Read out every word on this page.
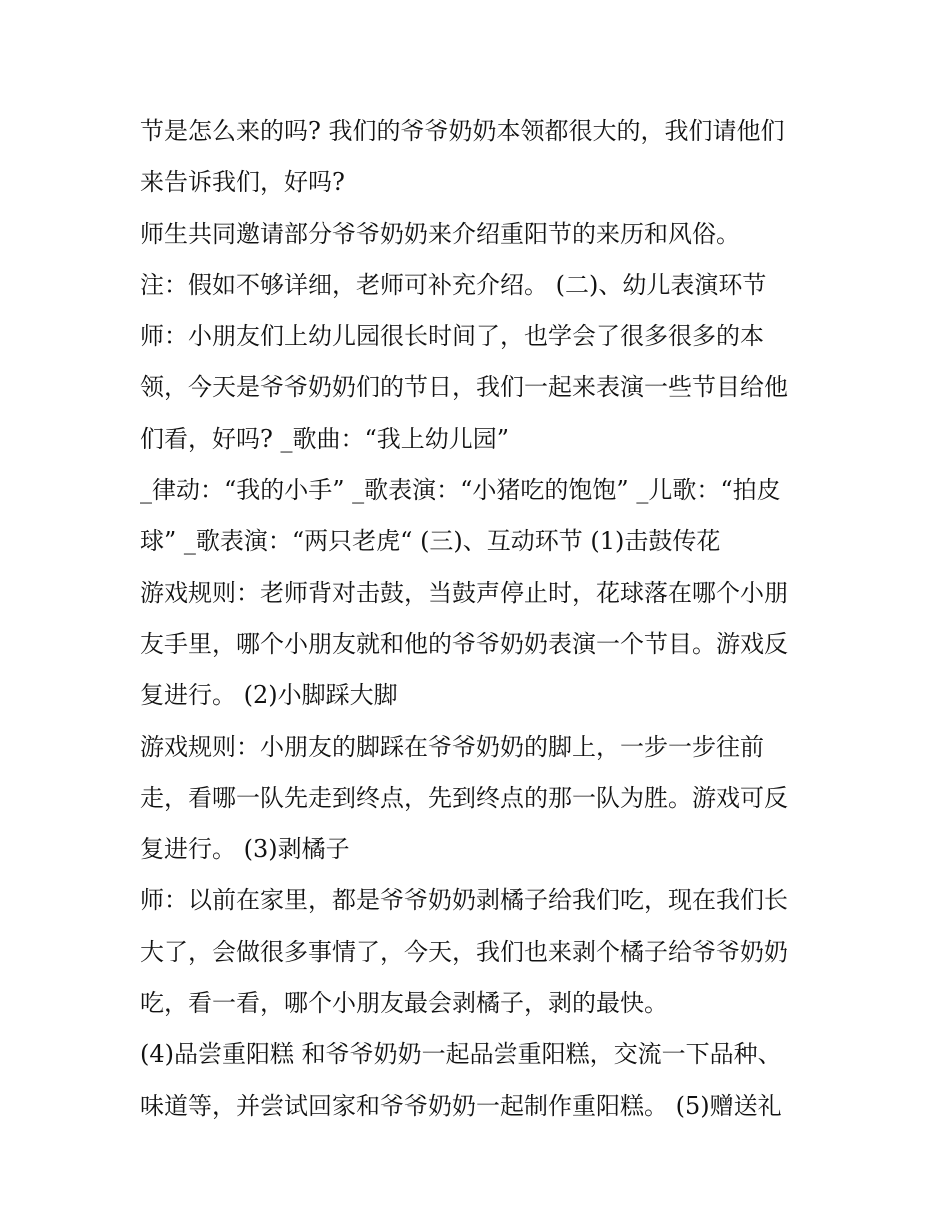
节是怎么来的吗? 我们的爷爷奶奶本领都很大的，我们请他们

来告诉我们，好吗?

师生共同邀请部分爷爷奶奶来介绍重阳节的来历和风俗。

注：假如不够详细，老师可补充介绍。 (二)、幼儿表演环节

师：小朋友们上幼儿园很长时间了，也学会了很多很多的本

领，今天是爷爷奶奶们的节日，我们一起来表演一些节目给他

们看，好吗? _歌曲：“我上幼儿园”

_律动：“我的小手” _歌表演：“小猪吃的饱饱” _儿歌：“拍皮

球” _歌表演：“两只老虎“ (三)、互动环节 (1)击鼓传花

游戏规则：老师背对击鼓，当鼓声停止时，花球落在哪个小朋

友手里，哪个小朋友就和他的爷爷奶奶表演一个节目。游戏反

复进行。 (2)小脚踩大脚

游戏规则：小朋友的脚踩在爷爷奶奶的脚上，一步一步往前

走，看哪一队先走到终点，先到终点的那一队为胜。游戏可反

复进行。 (3)剥橘子

师：以前在家里，都是爷爷奶奶剥橘子给我们吃，现在我们长

大了，会做很多事情了，今天，我们也来剥个橘子给爷爷奶奶

吃，看一看，哪个小朋友最会剥橘子，剥的最快。

(4)品尝重阳糕 和爷爷奶奶一起品尝重阳糕，交流一下品种、

味道等，并尝试回家和爷爷奶奶一起制作重阳糕。 (5)赠送礼
